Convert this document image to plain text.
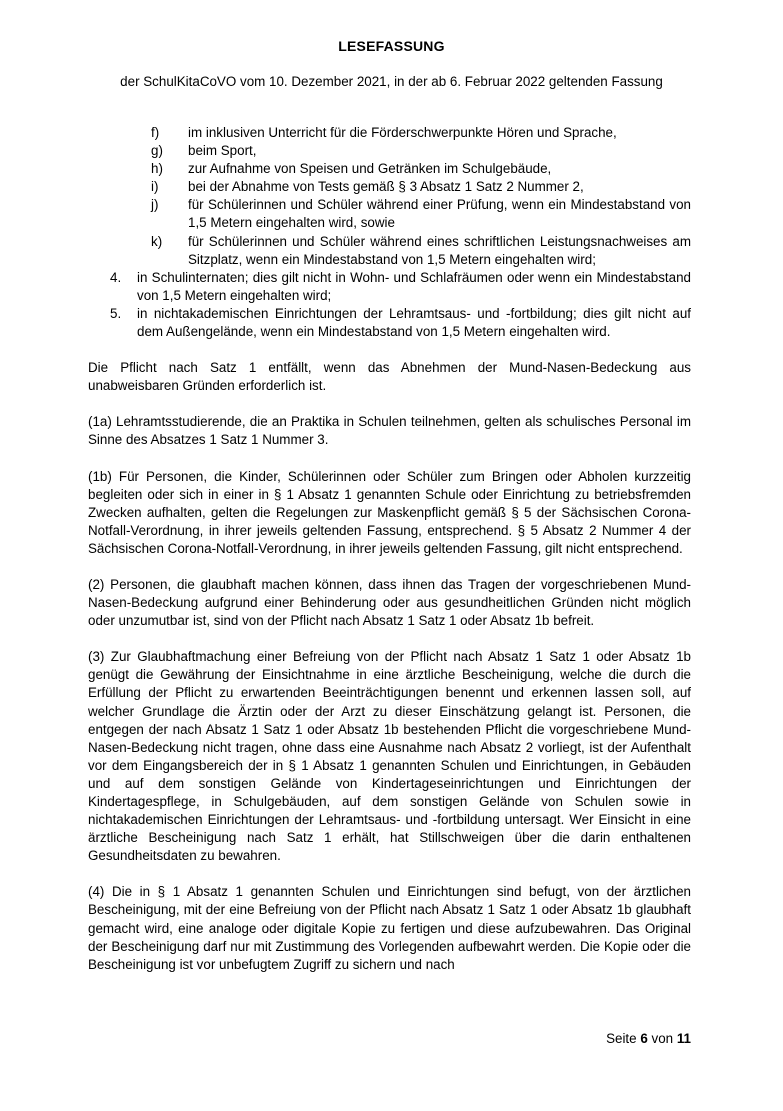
LESEFASSUNG
der SchulKitaCoVO vom 10. Dezember 2021, in der ab 6. Februar 2022 geltenden Fassung
f)	im inklusiven Unterricht für die Förderschwerpunkte Hören und Sprache,
g)	beim Sport,
h)	zur Aufnahme von Speisen und Getränken im Schulgebäude,
i)	bei der Abnahme von Tests gemäß § 3 Absatz 1 Satz 2 Nummer 2,
j)	für Schülerinnen und Schüler während einer Prüfung, wenn ein Mindestabstand von 1,5 Metern eingehalten wird, sowie
k)	für Schülerinnen und Schüler während eines schriftlichen Leistungsnachweises am Sitzplatz, wenn ein Mindestabstand von 1,5 Metern eingehalten wird;
4.	in Schulinternaten; dies gilt nicht in Wohn- und Schlafräumen oder wenn ein Mindestabstand von 1,5 Metern eingehalten wird;
5.	in nichtakademischen Einrichtungen der Lehramtsaus- und -fortbildung; dies gilt nicht auf dem Außengelände, wenn ein Mindestabstand von 1,5 Metern eingehalten wird.

Die Pflicht nach Satz 1 entfällt, wenn das Abnehmen der Mund-Nasen-Bedeckung aus unabweisbaren Gründen erforderlich ist.

(1a) Lehramtsstudierende, die an Praktika in Schulen teilnehmen, gelten als schulisches Personal im Sinne des Absatzes 1 Satz 1 Nummer 3.

(1b) Für Personen, die Kinder, Schülerinnen oder Schüler zum Bringen oder Abholen kurzzeitig begleiten oder sich in einer in § 1 Absatz 1 genannten Schule oder Einrichtung zu betriebsfremden Zwecken aufhalten, gelten die Regelungen zur Maskenpflicht gemäß § 5 der Sächsischen Corona-Notfall-Verordnung, in ihrer jeweils geltenden Fassung, entsprechend. § 5 Absatz 2 Nummer 4 der Sächsischen Corona-Notfall-Verordnung, in ihrer jeweils geltenden Fassung, gilt nicht entsprechend.

(2) Personen, die glaubhaft machen können, dass ihnen das Tragen der vorgeschriebenen Mund-Nasen-Bedeckung aufgrund einer Behinderung oder aus gesundheitlichen Gründen nicht möglich oder unzumutbar ist, sind von der Pflicht nach Absatz 1 Satz 1 oder Absatz 1b befreit.

(3) Zur Glaubhaftmachung einer Befreiung von der Pflicht nach Absatz 1 Satz 1 oder Absatz 1b genügt die Gewährung der Einsichtnahme in eine ärztliche Bescheinigung, welche die durch die Erfüllung der Pflicht zu erwartenden Beeinträchtigungen benennt und erkennen lassen soll, auf welcher Grundlage die Ärztin oder der Arzt zu dieser Einschätzung gelangt ist. Personen, die entgegen der nach Absatz 1 Satz 1 oder Absatz 1b bestehenden Pflicht die vorgeschriebene Mund-Nasen-Bedeckung nicht tragen, ohne dass eine Ausnahme nach Absatz 2 vorliegt, ist der Aufenthalt vor dem Eingangsbereich der in § 1 Absatz 1 genannten Schulen und Einrichtungen, in Gebäuden und auf dem sonstigen Gelände von Kindertageseinrichtungen und Einrichtungen der Kindertagespflege, in Schulgebäuden, auf dem sonstigen Gelände von Schulen sowie in nichtakademischen Einrichtungen der Lehramtsaus- und -fortbildung untersagt. Wer Einsicht in eine ärztliche Bescheinigung nach Satz 1 erhält, hat Stillschweigen über die darin enthaltenen Gesundheitsdaten zu bewahren.

(4) Die in § 1 Absatz 1 genannten Schulen und Einrichtungen sind befugt, von der ärztlichen Bescheinigung, mit der eine Befreiung von der Pflicht nach Absatz 1 Satz 1 oder Absatz 1b glaubhaft gemacht wird, eine analoge oder digitale Kopie zu fertigen und diese aufzubewahren. Das Original der Bescheinigung darf nur mit Zustimmung des Vorlegenden aufbewahrt werden. Die Kopie oder die Bescheinigung ist vor unbefugtem Zugriff zu sichern und nach

Seite 6 von 11
